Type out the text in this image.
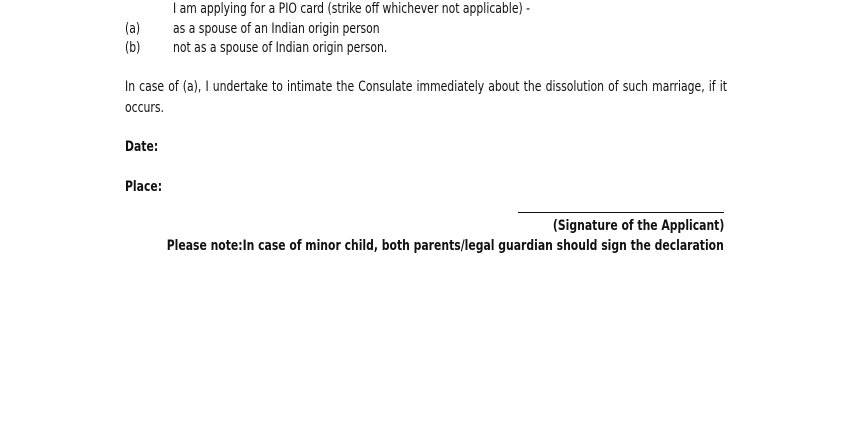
I am applying for a PIO card (strike off whichever not applicable) -
(a) as a spouse of an Indian origin person
(b) not as a spouse of Indian origin person.
In case of (a), I undertake to intimate the Consulate immediately about the dissolution of such marriage, if it occurs.
Date:
Place:
(Signature of the Applicant)
Please note:In case of minor child, both parents/legal guardian should sign the declaration
